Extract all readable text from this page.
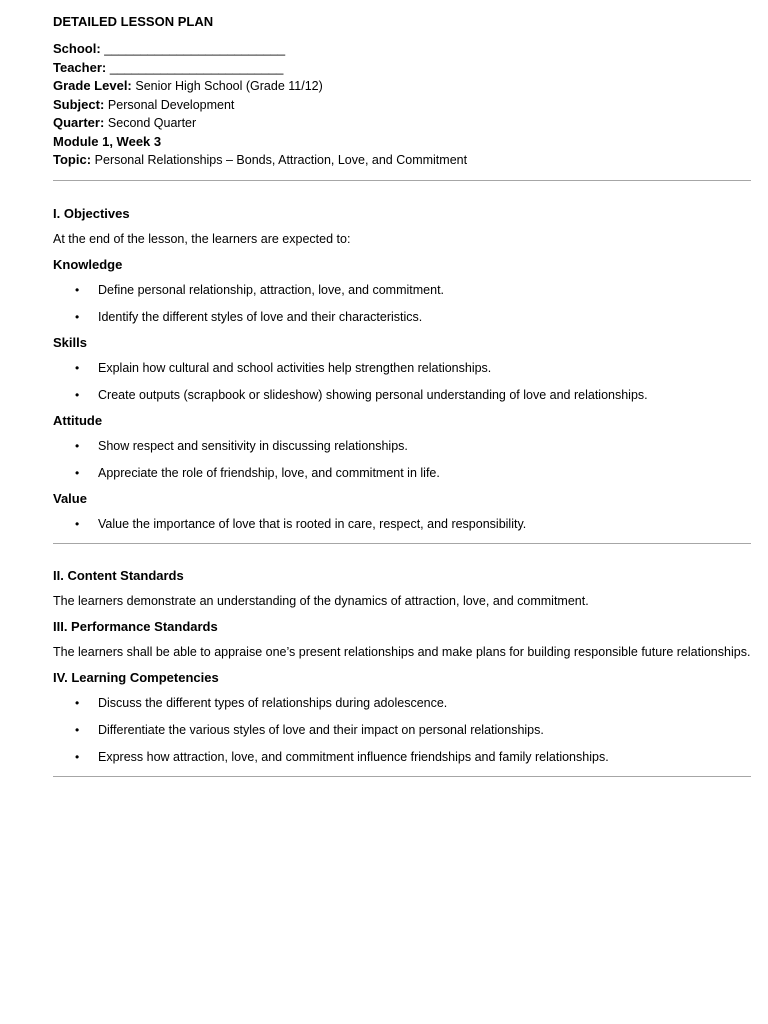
DETAILED LESSON PLAN
School: _________________________
Teacher: ________________________
Grade Level: Senior High School (Grade 11/12)
Subject: Personal Development
Quarter: Second Quarter
Module 1, Week 3
Topic: Personal Relationships – Bonds, Attraction, Love, and Commitment
I. Objectives
At the end of the lesson, the learners are expected to:
Knowledge
• Define personal relationship, attraction, love, and commitment.
• Identify the different styles of love and their characteristics.
Skills
• Explain how cultural and school activities help strengthen relationships.
• Create outputs (scrapbook or slideshow) showing personal understanding of love and relationships.
Attitude
• Show respect and sensitivity in discussing relationships.
• Appreciate the role of friendship, love, and commitment in life.
Value
• Value the importance of love that is rooted in care, respect, and responsibility.
II. Content Standards
The learners demonstrate an understanding of the dynamics of attraction, love, and commitment.
III. Performance Standards
The learners shall be able to appraise one’s present relationships and make plans for building responsible future relationships.
IV. Learning Competencies
• Discuss the different types of relationships during adolescence.
• Differentiate the various styles of love and their impact on personal relationships.
• Express how attraction, love, and commitment influence friendships and family relationships.
